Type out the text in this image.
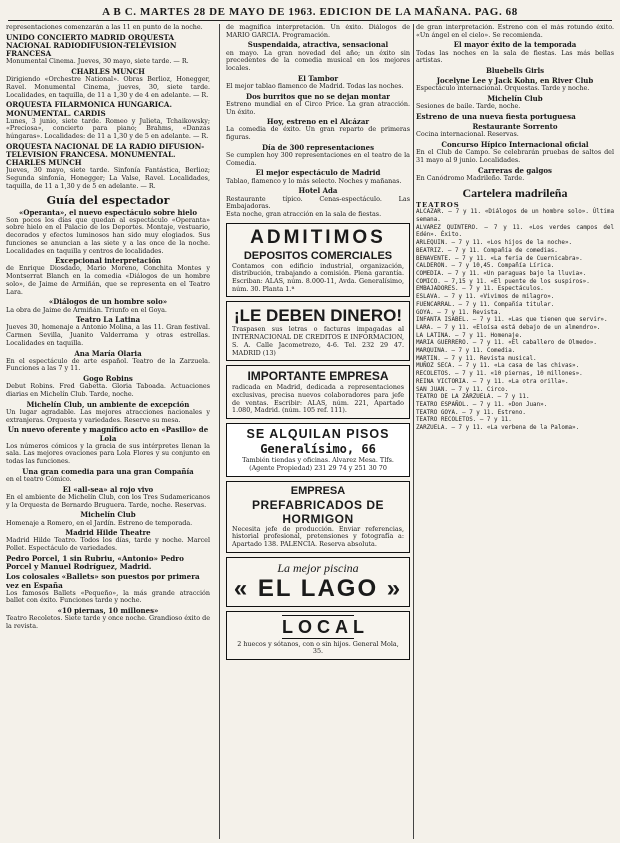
A B C. MARTES 28 DE MAYO DE 1963. EDICION DE LA MAÑANA. PAG. 68

representaciones comenzarán a las 11 en punto de la noche.

UNIDO CONCIERTO MADRID ORQUESTA NACIONAL RADIODIFUSION-TELEVISION FRANCESA

Monumental Cinema. Jueves, 30 mayo, siete tarde. — R.

CHARLES MUNCH

Dirigiendo «Orchestre National». Obras Berlioz, Honegger, Ravel. Monumental Cinema, jueves, 30, siete tarde. Localidades, en taquilla, de 11 a 1,30 y de 4 en adelante. — R.

ORQUESTA FILARMONICA HUNGARICA. MONUMENTAL. CARDIS

Lunes, 3 junio, siete tarde. Romeo y Julieta, Tchaikowsky; «Preciosa», concierto para piano; Brahms, «Danzas húngaras». Localidades: de 11 a 1,30 y de 5 en adelante. — R.

ORQUESTA NACIONAL DE LA RADIO DIFUSION-TELEVISION FRANCESA. MONUMENTAL. CHARLES MUNCH

Jueves, 30 mayo, siete tarde. Sinfonía Fantástica, Berlioz; Segunda sinfonía, Honegger; La Valse, Ravel. Localidades, taquilla, de 11 a 1,30 y de 5 en adelante. — R.

Guía del espectador
«Operanta», el nuevo espectáculo sobre hielo

Son pocos los días que quedan al espectáculo «Operanta» sobre hielo en el Palacio de los Deportes. Montaje, vestuario, decorados y efectos luminosos han sido muy elogiados. Sus funciones se anuncian a las siete y a las once de la noche. Localidades en taquilla y centros de localidades.

Excepcional interpretación

de Enrique Diosdado, Mario Moreno, Conchita Montes y Montserrat Blanch en la comedia «Diálogos de un hombre solo», de Jaime de Armiñán, que se representa en el Teatro Lara.

«Diálogos de un hombre solo»

La obra de Jaime de Armiñán. Triunfo en el Goya.

Teatro La Latina

Jueves 30, homenaje a Antonio Molina, a las 11. Gran festival. Carmen Sevilla, Juanito Valderrama y otras estrellas. Localidades en taquilla.

Ana María Olaria

En el espectáculo de arte español. Teatro de la Zarzuela. Funciones a las 7 y 11.

Gogo Robins

Debut Robins. Fred Gabetta. Gloria Taboada. Actuaciones diarias en Michelín Club. Tarde, noche.

Michelín Club, un ambiente de excepción

Un lugar agradable. Las mejores atracciones nacionales y extranjeras. Orquesta y variedades. Reserve su mesa.

Un nuevo oferente y magnífico acto en «Pasillo» de Lola

Los números cómicos y la gracia de sus intérpretes llenan la sala. Las mejores ovaciones para Lola Flores y su conjunto en todas las funciones.

Una gran comedia para una gran Compañía

en el teatro Cómico.

El «all-sea» al rojo vivo

En el ambiente de Michelín Club, con los Tres Sudamericanos y la Orquesta de Bernardo Bruguera. Tarde, noche. Reservas.

Michelín Club

Homenaje a Romero, en el Jardín. Estreno de temporada.

Madrid Hilde Theatre

Madrid Hilde Teatro. Todos los días, tarde y noche. Marcel Pollet. Espectáculo de variedades.

Pedro Porcel, 1 sin Rubriu, «Antonio» Pedro Porcel y Manuel Rodríguez, Madrid.
Los colosales «Ballets» son puestos por primera vez en España

Los famosos Ballets «Pequeño», la más grande atracción ballet con éxito. Funciones tarde y noche.

«10 piernas, 10 millones»

Teatro Recoletos. Siete tarde y once noche. Grandioso éxito de la revista.

de magnífica interpretación. Un éxito. Diálogos de MARIO GARCIA. Programación.

Suspendaida, atractiva, sensacional

en mayo. La gran novedad del año; un éxito sin precedentes de la comedia musical en los mejores locales.

El Tambor

El mejor tablao flamenco de Madrid. Todas las noches.

Dos burritos que no se dejan montar

Estreno mundial en el Circo Price. La gran atracción. Un éxito.

Hoy, estreno en el Alcázar

La comedia de éxito. Un gran reparto de primeras figuras.

Día de 300 representaciones

Se cumplen hoy 300 representaciones en el teatro de la Comedia.

El mejor espectáculo de Madrid

Tablao, flamenco y lo más selecto. Noches y mañanas.

Hotel Ada

Restaurante típico. Cenas-espectáculo. Las Embajadoras.

Esta noche, gran atracción en la sala de fiestas.

ADMITIMOS
DEPOSITOS COMERCIALES

Contamos con edificio industrial, organización, distribución, trabajando a comisión. Plena garantía. Escriban: ALAS, núm. 8.000-11, Avda. Generalísimo, núm. 30. Planta 1.ª

¡LE DEBEN DINERO!

Traspasen sus letras o facturas impagadas al INTERNACIONAL DE CREDITOS E INFORMACION, S. A. Calle Jacometrezo, 4-6. Tel. 232 29 47. MADRID (13)

IMPORTANTE EMPRESA

radicada en Madrid, dedicada a representaciones exclusivas, precisa nuevos colaboradores para jefe de ventas. Escribir: ALAS, núm. 221, Apartado 1.080, Madrid. (núm. 105 ref. 111).

SE ALQUILAN PISOS
Generalísimo, 66

También tiendas y oficinas. Alvarez Mesa. Tlfs. (Agente Propiedad) 231 29 74 y 251 30 70

EMPRESA
PREFABRICADOS DE HORMIGON

Necesita jefe de producción. Enviar referencias, historial profesional, pretensiones y fotografía a: Apartado 138. PALENCIA. Reserva absoluta.

La mejor piscina
« EL LAGO »
LOCAL

2 huecos y sótanos, con o sin hijos. General Mola, 35.

de gran interpretación. Estreno con el más rotundo éxito. «Un ángel en el cielo». Se recomienda.

El mayor éxito de la temporada

Todas las noches en la sala de fiestas. Las más bellas artistas.

Bluebells Girls
Jocelyne Lee y Jack Kohn, en River Club

Espectáculo internacional. Orquestas. Tarde y noche.

Michelín Club

Sesiones de baile. Tarde, noche.

Estreno de una nueva fiesta portuguesa
Restaurante Sorrento

Cocina internacional. Reservas.

Concurso Hípico Internacional oficial

En el Club de Campo. Se celebrarán pruebas de saltos del 31 mayo al 9 junio. Localidades.

Carreras de galgos

En Canódromo Madrileño. Tarde.

Cartelera madrileña
TEATROS

ALCAZAR. — 7 y 11. «Diálogos de un hombre solo». Última semana.

ALVAREZ QUINTERO. — 7 y 11. «Los verdes campos del Edén». Éxito.

ARLEQUIN. — 7 y 11. «Los hijos de la noche».

BEATRIZ. — 7 y 11. Compañía de comedias.

BENAVENTE. — 7 y 11. «La feria de Cuernicabra».

CALDERON. — 7 y 10,45. Compañía Lírica.

COMEDIA. — 7 y 11. «Un paraguas bajo la lluvia».

COMICO. — 7,15 y 11. «El puente de los suspiros».

EMBAJADORES. — 7 y 11. Espectáculos.

ESLAVA. — 7 y 11. «Vivimos de milagro».

FUENCARRAL. — 7 y 11. Compañía titular.

GOYA. — 7 y 11. Revista.

INFANTA ISABEL. — 7 y 11. «Las que tienen que servir».

LARA. — 7 y 11. «Eloísa está debajo de un almendro».

LA LATINA. — 7 y 11. Homenaje.

MARIA GUERRERO. — 7 y 11. «El caballero de Olmedo».

MARQUINA. — 7 y 11. Comedia.

MARTIN. — 7 y 11. Revista musical.

MUÑOZ SECA. — 7 y 11. «La casa de las chivas».

RECOLETOS. — 7 y 11. «10 piernas, 10 millones».

REINA VICTORIA. — 7 y 11. «La otra orilla».

SAN JUAN. — 7 y 11. Circo.

TEATRO DE LA ZARZUELA. — 7 y 11.

TEATRO ESPAÑOL. — 7 y 11. «Don Juan».

TEATRO GOYA. — 7 y 11. Estreno.

TEATRO RECOLETOS. — 7 y 11.

ZARZUELA. — 7 y 11. «La verbena de la Paloma».
